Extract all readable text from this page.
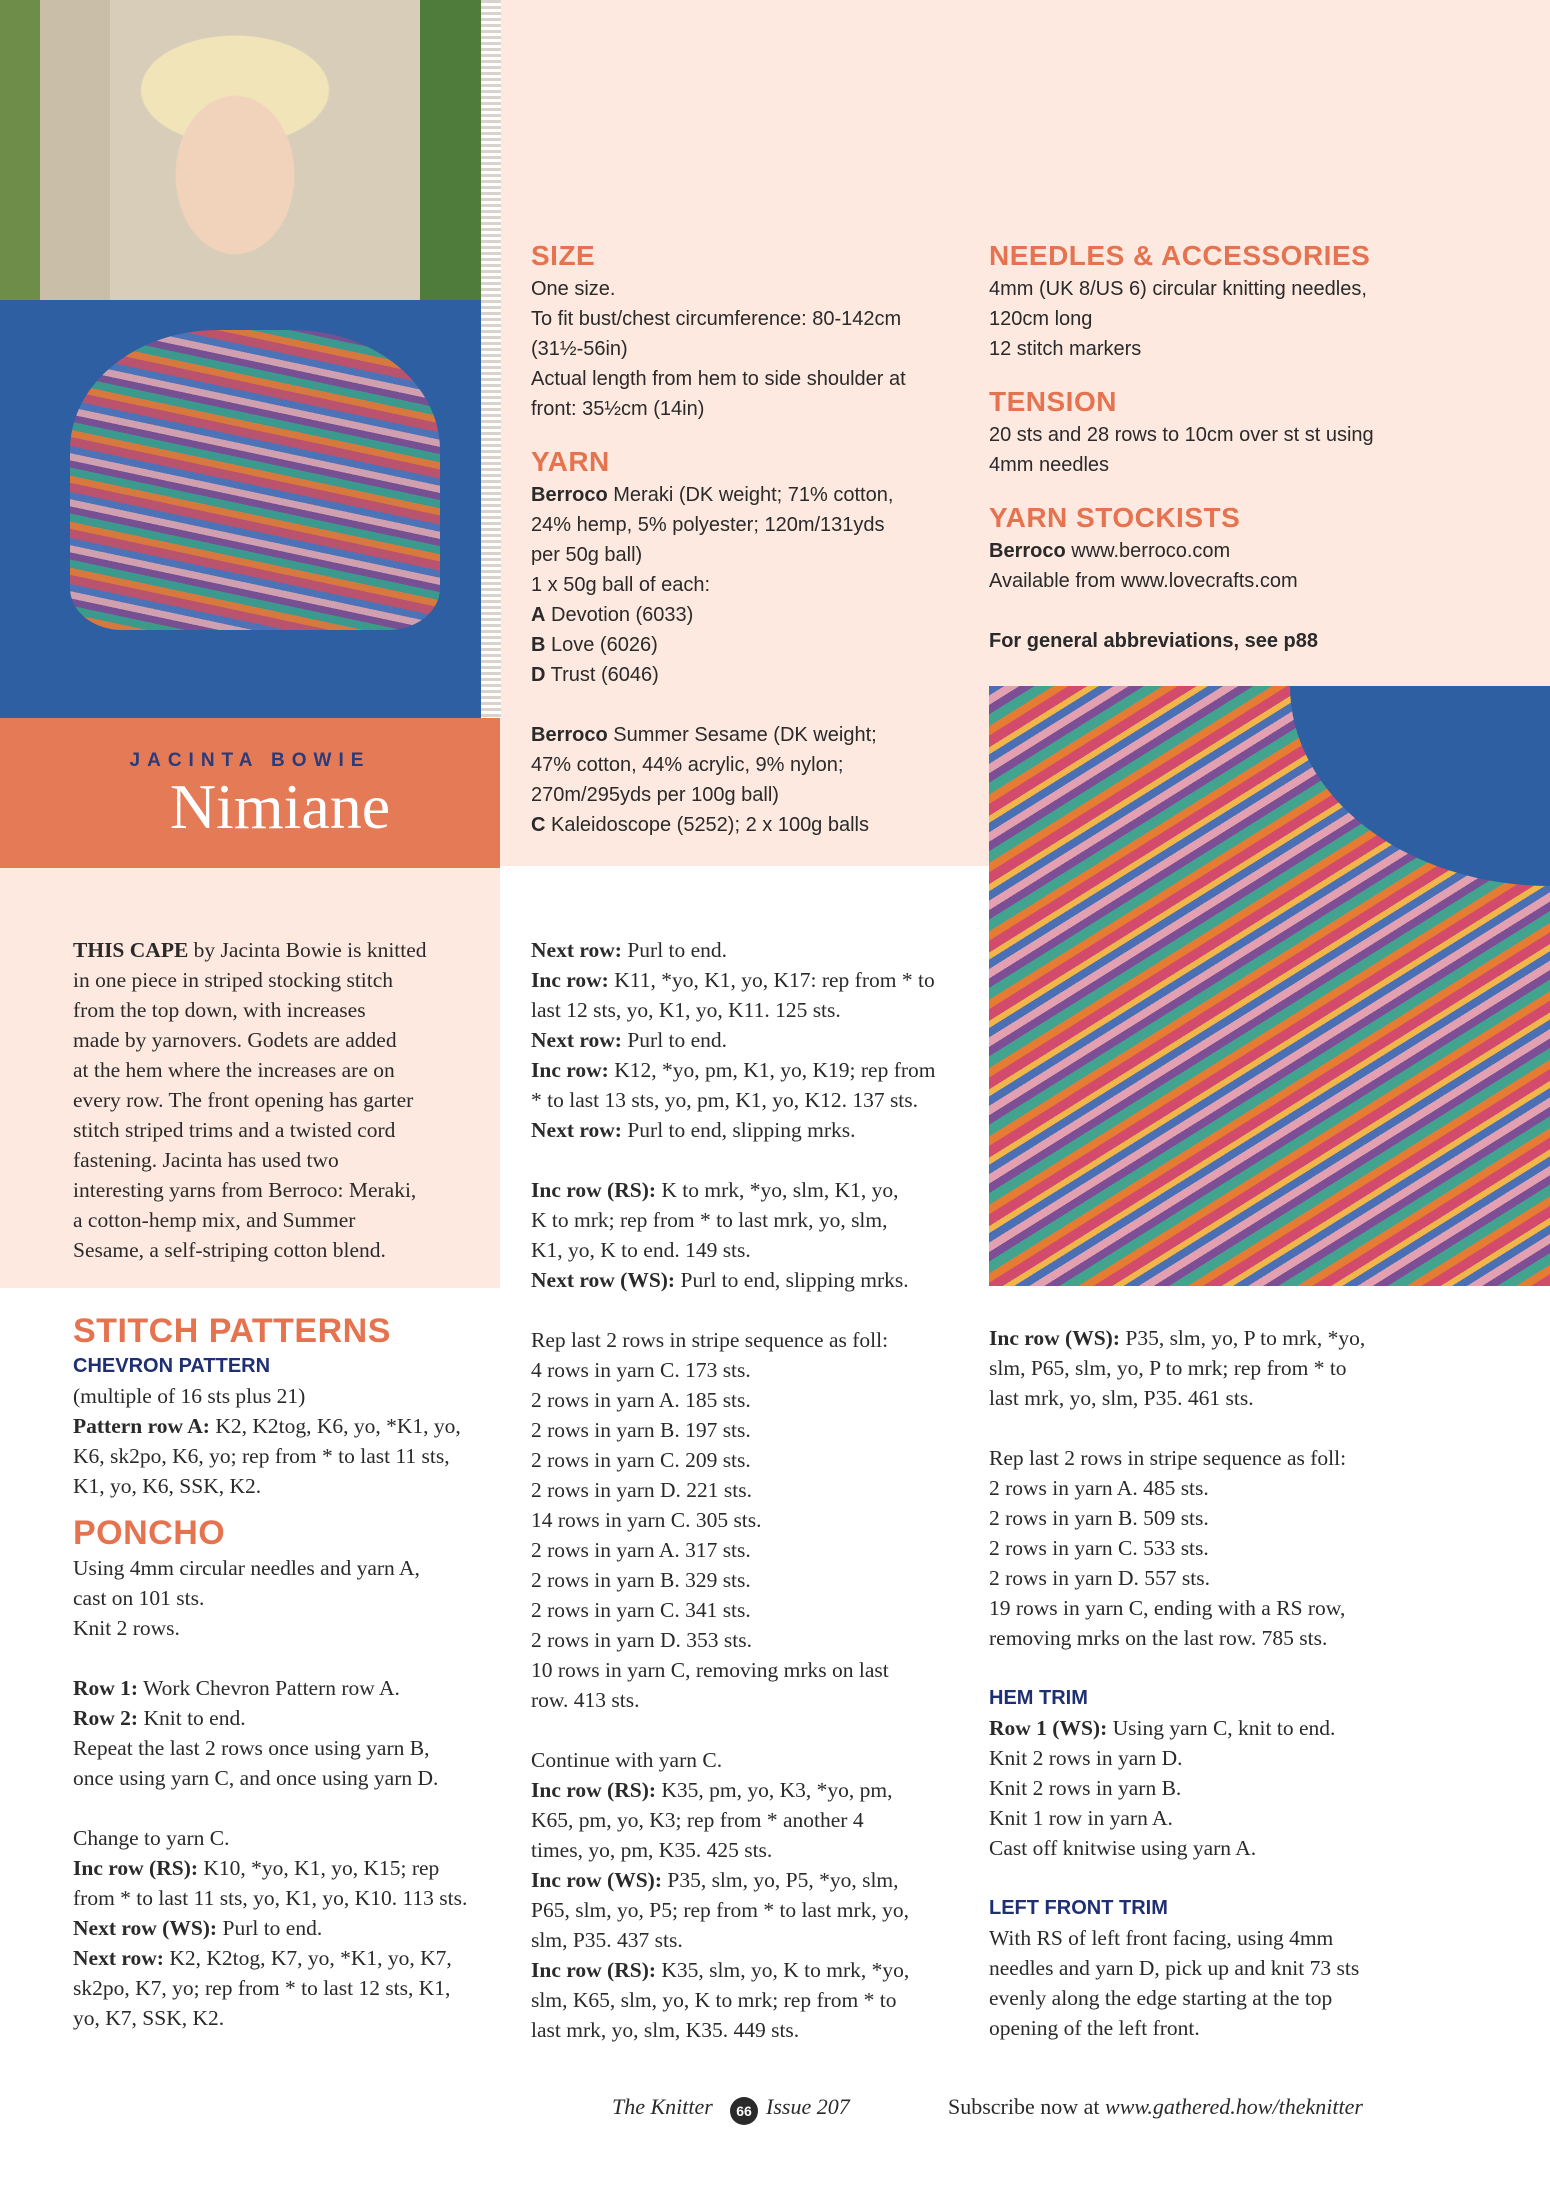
JACINTA BOWIE
Nimiane

SIZE

One size.

To fit bust/chest circumference: 80-142cm

(31½-56in)

Actual length from hem to side shoulder at

front: 35½cm (14in)

YARN

Berroco Meraki (DK weight; 71% cotton,

24% hemp, 5% polyester; 120m/131yds

per 50g ball)

1 x 50g ball of each:

A Devotion (6033)

B Love (6026)

D Trust (6046)

Berroco Summer Sesame (DK weight;

47% cotton, 44% acrylic, 9% nylon;

270m/295yds per 100g ball)

C Kaleidoscope (5252); 2 x 100g balls

NEEDLES & ACCESSORIES

4mm (UK 8/US 6) circular knitting needles,

120cm long

12 stitch markers

TENSION

20 sts and 28 rows to 10cm over st st using

4mm needles

YARN STOCKISTS

Berroco www.berroco.com

Available from www.lovecrafts.com

For general abbreviations, see p88

THIS CAPE by Jacinta Bowie is knitted

in one piece in striped stocking stitch

from the top down, with increases

made by yarnovers. Godets are added

at the hem where the increases are on

every row. The front opening has garter

stitch striped trims and a twisted cord

fastening. Jacinta has used two

interesting yarns from Berroco: Meraki,

a cotton-hemp mix, and Summer

Sesame, a self-striping cotton blend.

STITCH PATTERNS

CHEVRON PATTERN

(multiple of 16 sts plus 21)

Pattern row A: K2, K2tog, K6, yo, *K1, yo,

K6, sk2po, K6, yo; rep from * to last 11 sts,

K1, yo, K6, SSK, K2.

PONCHO

Using 4mm circular needles and yarn A,

cast on 101 sts.

Knit 2 rows.

Row 1: Work Chevron Pattern row A.

Row 2: Knit to end.

Repeat the last 2 rows once using yarn B,

once using yarn C, and once using yarn D.

Change to yarn C.

Inc row (RS): K10, *yo, K1, yo, K15; rep

from * to last 11 sts, yo, K1, yo, K10. 113 sts.

Next row (WS): Purl to end.

Next row: K2, K2tog, K7, yo, *K1, yo, K7,

sk2po, K7, yo; rep from * to last 12 sts, K1,

yo, K7, SSK, K2.

Next row: Purl to end.

Inc row: K11, *yo, K1, yo, K17: rep from * to

last 12 sts, yo, K1, yo, K11. 125 sts.

Next row: Purl to end.

Inc row: K12, *yo, pm, K1, yo, K19; rep from

* to last 13 sts, yo, pm, K1, yo, K12. 137 sts.

Next row: Purl to end, slipping mrks.

Inc row (RS): K to mrk, *yo, slm, K1, yo,

K to mrk; rep from * to last mrk, yo, slm,

K1, yo, K to end. 149 sts.

Next row (WS): Purl to end, slipping mrks.

Rep last 2 rows in stripe sequence as foll:

4 rows in yarn C. 173 sts.

2 rows in yarn A. 185 sts.

2 rows in yarn B. 197 sts.

2 rows in yarn C. 209 sts.

2 rows in yarn D. 221 sts.

14 rows in yarn C. 305 sts.

2 rows in yarn A. 317 sts.

2 rows in yarn B. 329 sts.

2 rows in yarn C. 341 sts.

2 rows in yarn D. 353 sts.

10 rows in yarn C, removing mrks on last

row. 413 sts.

Continue with yarn C.

Inc row (RS): K35, pm, yo, K3, *yo, pm,

K65, pm, yo, K3; rep from * another 4

times, yo, pm, K35. 425 sts.

Inc row (WS): P35, slm, yo, P5, *yo, slm,

P65, slm, yo, P5; rep from * to last mrk, yo,

slm, P35. 437 sts.

Inc row (RS): K35, slm, yo, K to mrk, *yo,

slm, K65, slm, yo, K to mrk; rep from * to

last mrk, yo, slm, K35. 449 sts.

Inc row (WS): P35, slm, yo, P to mrk, *yo,

slm, P65, slm, yo, P to mrk; rep from * to

last mrk, yo, slm, P35. 461 sts.

Rep last 2 rows in stripe sequence as foll:

2 rows in yarn A. 485 sts.

2 rows in yarn B. 509 sts.

2 rows in yarn C. 533 sts.

2 rows in yarn D. 557 sts.

19 rows in yarn C, ending with a RS row,

removing mrks on the last row. 785 sts.

HEM TRIM

Row 1 (WS): Using yarn C, knit to end.

Knit 2 rows in yarn D.

Knit 2 rows in yarn B.

Knit 1 row in yarn A.

Cast off knitwise using yarn A.

LEFT FRONT TRIM

With RS of left front facing, using 4mm

needles and yarn D, pick up and knit 73 sts

evenly along the edge starting at the top

opening of the left front.

The Knitter	66 Issue 207	Subscribe now at www.gathered.how/theknitter
